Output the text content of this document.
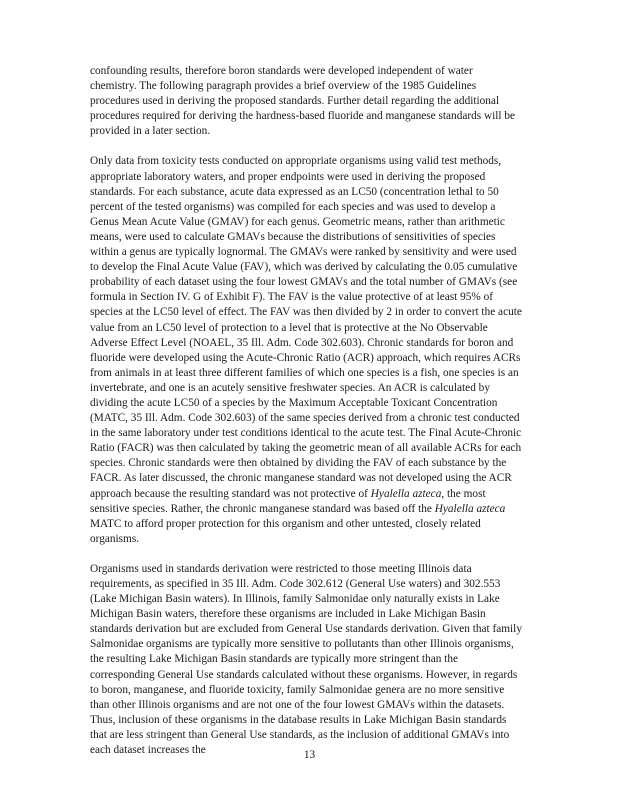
confounding results, therefore boron standards were developed independent of water chemistry. The following paragraph provides a brief overview of the 1985 Guidelines procedures used in deriving the proposed standards. Further detail regarding the additional procedures required for deriving the hardness-based fluoride and manganese standards will be provided in a later section.

Only data from toxicity tests conducted on appropriate organisms using valid test methods, appropriate laboratory waters, and proper endpoints were used in deriving the proposed standards. For each substance, acute data expressed as an LC50 (concentration lethal to 50 percent of the tested organisms) was compiled for each species and was used to develop a Genus Mean Acute Value (GMAV) for each genus. Geometric means, rather than arithmetic means, were used to calculate GMAVs because the distributions of sensitivities of species within a genus are typically lognormal. The GMAVs were ranked by sensitivity and were used to develop the Final Acute Value (FAV), which was derived by calculating the 0.05 cumulative probability of each dataset using the four lowest GMAVs and the total number of GMAVs (see formula in Section IV. G of Exhibit F). The FAV is the value protective of at least 95% of species at the LC50 level of effect. The FAV was then divided by 2 in order to convert the acute value from an LC50 level of protection to a level that is protective at the No Observable Adverse Effect Level (NOAEL, 35 Ill. Adm. Code 302.603). Chronic standards for boron and fluoride were developed using the Acute-Chronic Ratio (ACR) approach, which requires ACRs from animals in at least three different families of which one species is a fish, one species is an invertebrate, and one is an acutely sensitive freshwater species. An ACR is calculated by dividing the acute LC50 of a species by the Maximum Acceptable Toxicant Concentration (MATC, 35 Ill. Adm. Code 302.603) of the same species derived from a chronic test conducted in the same laboratory under test conditions identical to the acute test. The Final Acute-Chronic Ratio (FACR) was then calculated by taking the geometric mean of all available ACRs for each species. Chronic standards were then obtained by dividing the FAV of each substance by the FACR. As later discussed, the chronic manganese standard was not developed using the ACR approach because the resulting standard was not protective of Hyalella azteca, the most sensitive species. Rather, the chronic manganese standard was based off the Hyalella azteca MATC to afford proper protection for this organism and other untested, closely related organisms.

Organisms used in standards derivation were restricted to those meeting Illinois data requirements, as specified in 35 Ill. Adm. Code 302.612 (General Use waters) and 302.553 (Lake Michigan Basin waters). In Illinois, family Salmonidae only naturally exists in Lake Michigan Basin waters, therefore these organisms are included in Lake Michigan Basin standards derivation but are excluded from General Use standards derivation. Given that family Salmonidae organisms are typically more sensitive to pollutants than other Illinois organisms, the resulting Lake Michigan Basin standards are typically more stringent than the corresponding General Use standards calculated without these organisms. However, in regards to boron, manganese, and fluoride toxicity, family Salmonidae genera are no more sensitive than other Illinois organisms and are not one of the four lowest GMAVs within the datasets. Thus, inclusion of these organisms in the database results in Lake Michigan Basin standards that are less stringent than General Use standards, as the inclusion of additional GMAVs into each dataset increases the	13
